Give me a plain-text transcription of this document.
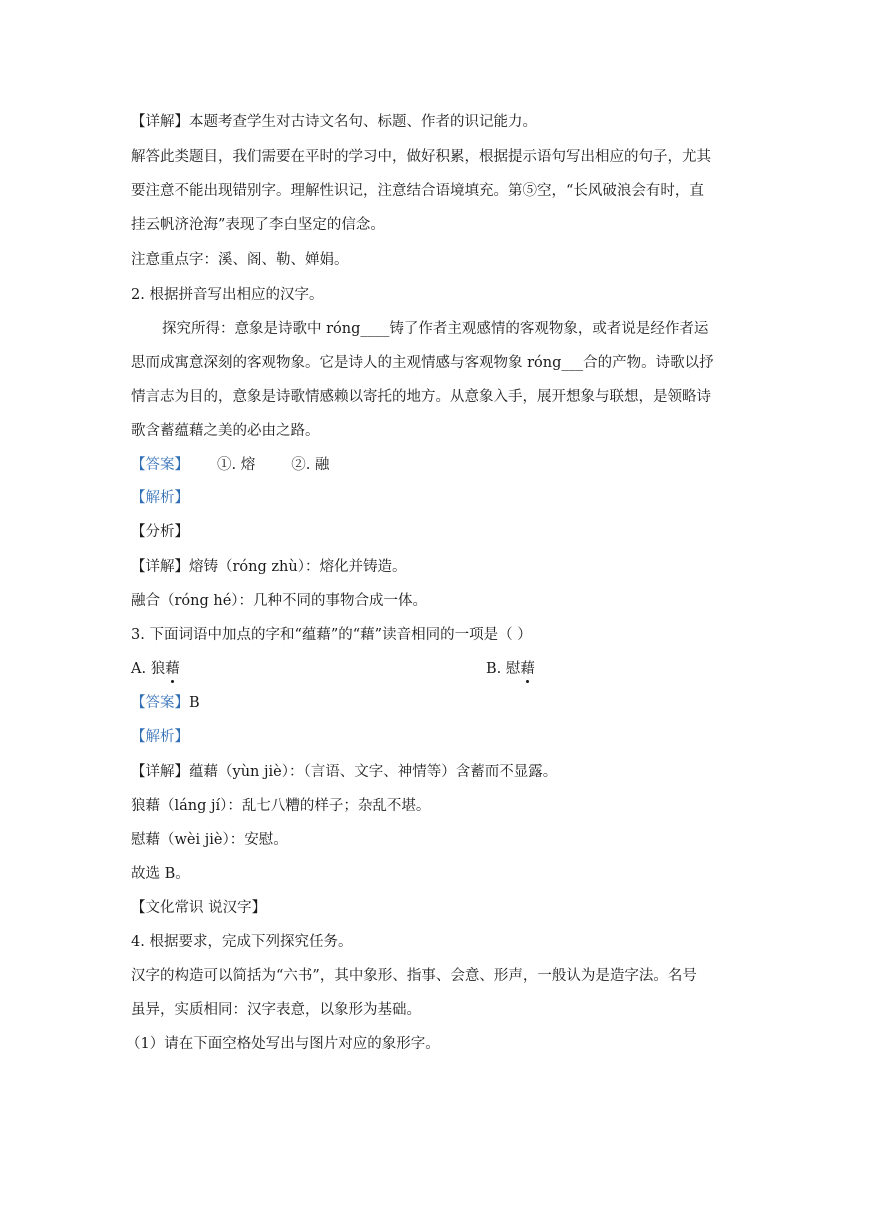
【详解】本题考查学生对古诗文名句、标题、作者的识记能力。
解答此类题目，我们需要在平时的学习中，做好积累，根据提示语句写出相应的句子，尤其
要注意不能出现错别字。理解性识记，注意结合语境填充。第⑤空，“长风破浪会有时，直
挂云帆济沧海”表现了李白坚定的信念。
注意重点字：溪、阁、勒、婵娟。
2. 根据拼音写出相应的汉字。
探究所得：意象是诗歌中 róng____铸了作者主观感情的客观物象，或者说是经作者运
思而成寓意深刻的客观物象。它是诗人的主观情感与客观物象 róng___合的产物。诗歌以抒
情言志为目的，意象是诗歌情感赖以寄托的地方。从意象入手，展开想象与联想，是领略诗
歌含蓄蕴藉之美的必由之路。
【答案】 ①. 熔 ②. 融
【解析】
【分析】
【详解】熔铸（róng zhù）：熔化并铸造。
融合（róng hé）：几种不同的事物合成一体。
3. 下面词语中加点的字和“蕴藉”的“藉”读音相同的一项是（ ）
A. 狼藉	B. 慰藉
【答案】B
【解析】
【详解】蕴藉（yùn jiè）：（言语、文字、神情等）含蓄而不显露。
狼藉（láng jí）：乱七八糟的样子；杂乱不堪。
慰藉（wèi jiè）：安慰。
故选 B。
【文化常识 说汉字】
4. 根据要求，完成下列探究任务。
汉字的构造可以简括为“六书”，其中象形、指事、会意、形声，一般认为是造字法。名号
虽异，实质相同：汉字表意，以象形为基础。
（1）请在下面空格处写出与图片对应的象形字。
